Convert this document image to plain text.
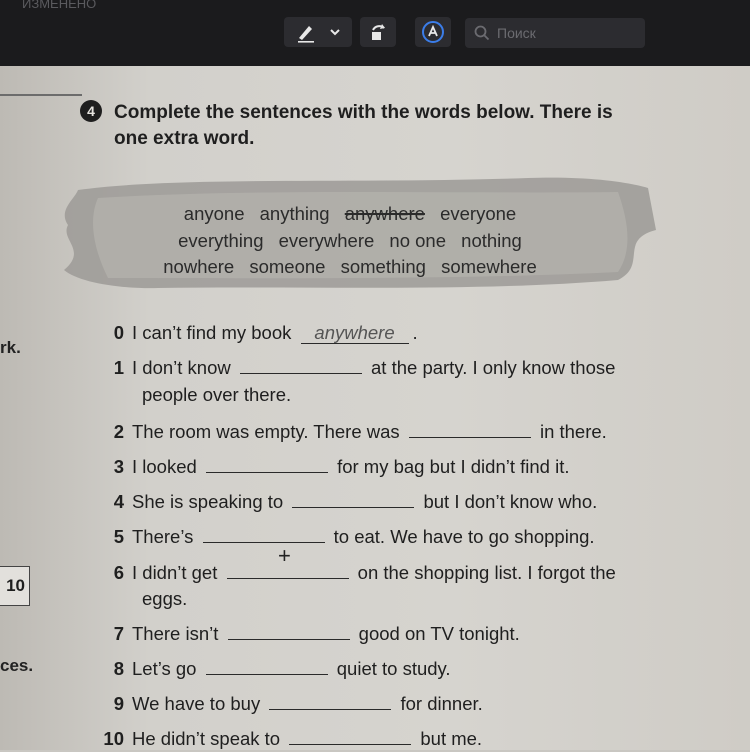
ИЗМЕНЕНО
Поиск
4	Complete the sentences with the words below. There is
one extra word.
anyone anything anywhere everyone
everything everywhere no one nothing
nowhere someone something somewhere
rk.
10
ces.
0 I can’t find my book anywhere .
1 I don’t know	at the party. I only know those
people over there.
2 The room was empty. There was	in there.
3 I looked	for my bag but I didn’t find it.
4 She is speaking to	but I don’t know who.
5 There’s	to eat. We have to go shopping.
6 I didn’t get	on the shopping list. I forgot the
eggs.
7 There isn’t	good on TV tonight.
8 Let’s go	quiet to study.
9 We have to buy	for dinner.
10 He didn’t speak to	but me.
+
